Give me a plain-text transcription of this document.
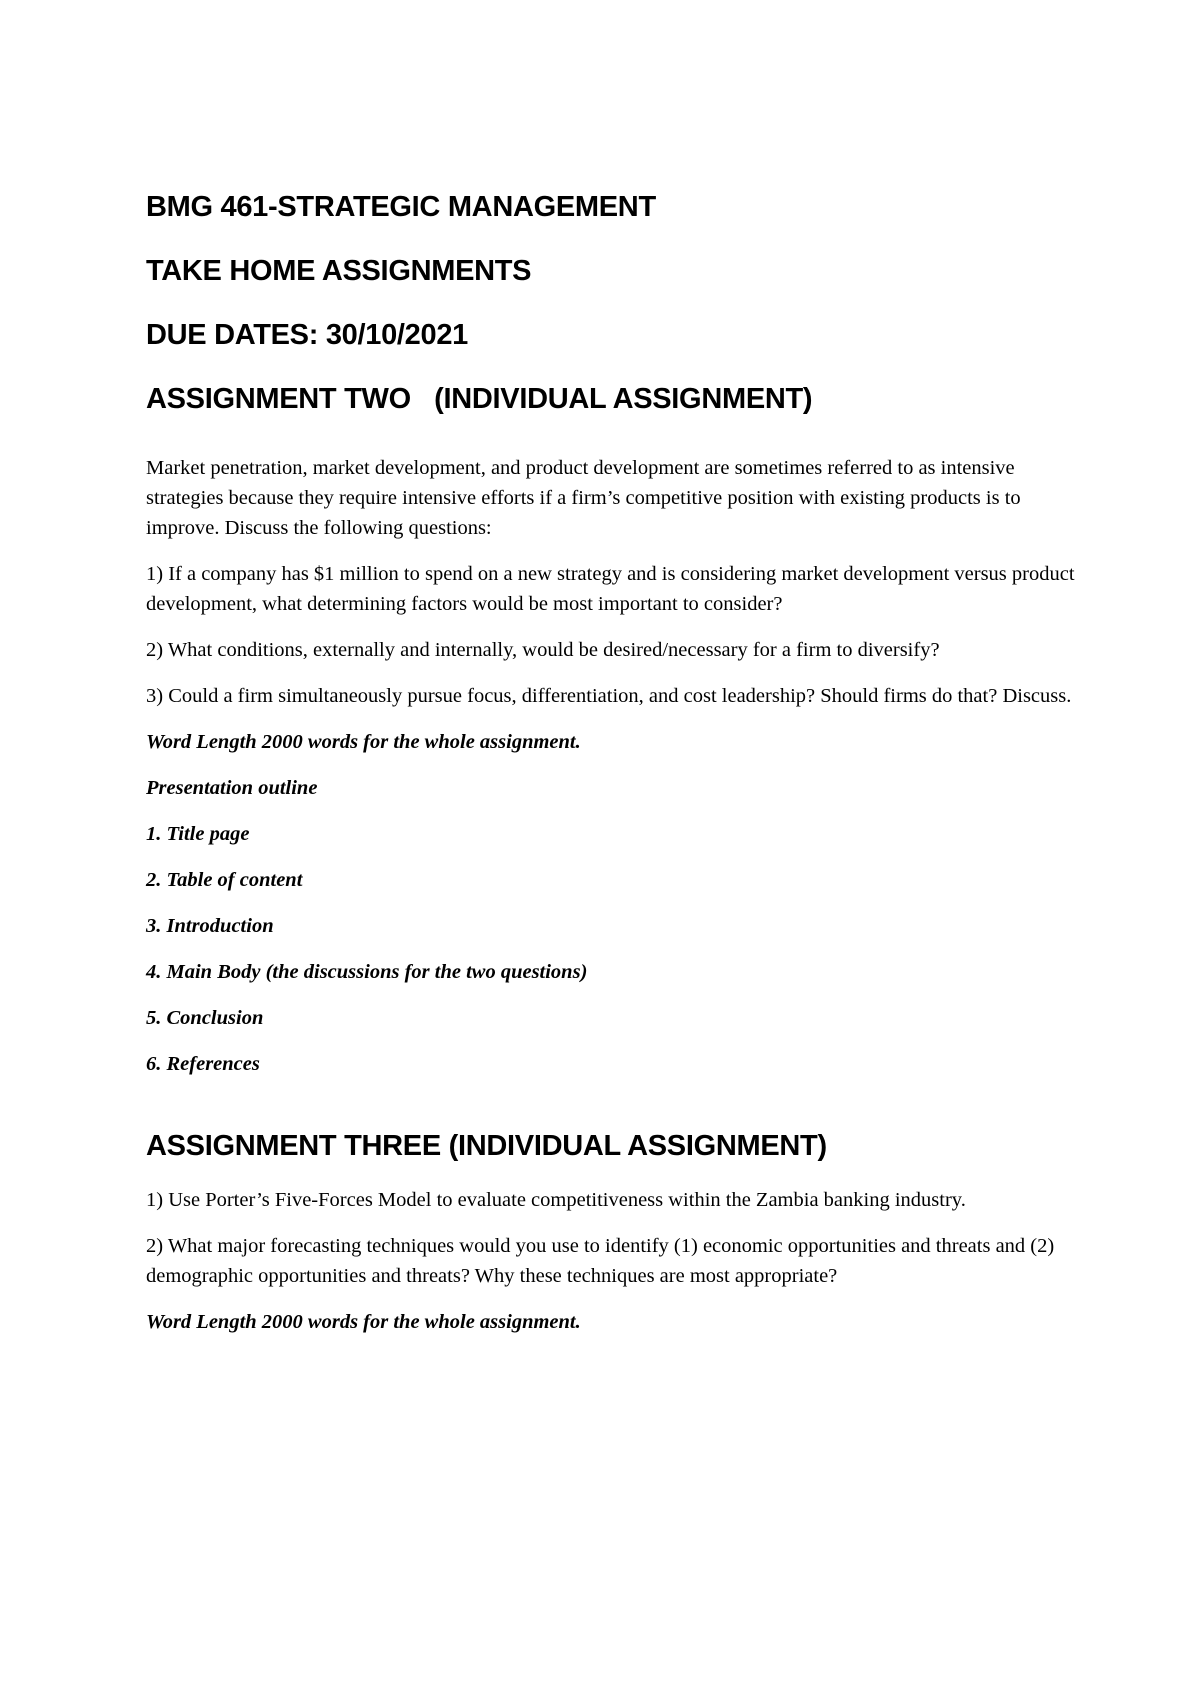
BMG 461-STRATEGIC MANAGEMENT

TAKE HOME ASSIGNMENTS

DUE DATES: 30/10/2021

ASSIGNMENT TWO   (INDIVIDUAL ASSIGNMENT)

Market penetration, market development, and product development are sometimes referred to as intensive strategies because they require intensive efforts if a firm’s competitive position with existing products is to improve. Discuss the following questions:

1) If a company has $1 million to spend on a new strategy and is considering market development versus product development, what determining factors would be most important to consider?

2) What conditions, externally and internally, would be desired/necessary for a firm to diversify?

3) Could a firm simultaneously pursue focus, differentiation, and cost leadership? Should firms do that? Discuss.

Word Length 2000 words for the whole assignment.

Presentation outline

1. Title page
2. Table of content
3. Introduction
4. Main Body (the discussions for the two questions)
5. Conclusion
6. References

ASSIGNMENT THREE (INDIVIDUAL ASSIGNMENT)

1) Use Porter’s Five-Forces Model to evaluate competitiveness within the Zambia banking industry.

2) What major forecasting techniques would you use to identify (1) economic opportunities and threats and (2) demographic opportunities and threats? Why these techniques are most appropriate?

Word Length 2000 words for the whole assignment.
